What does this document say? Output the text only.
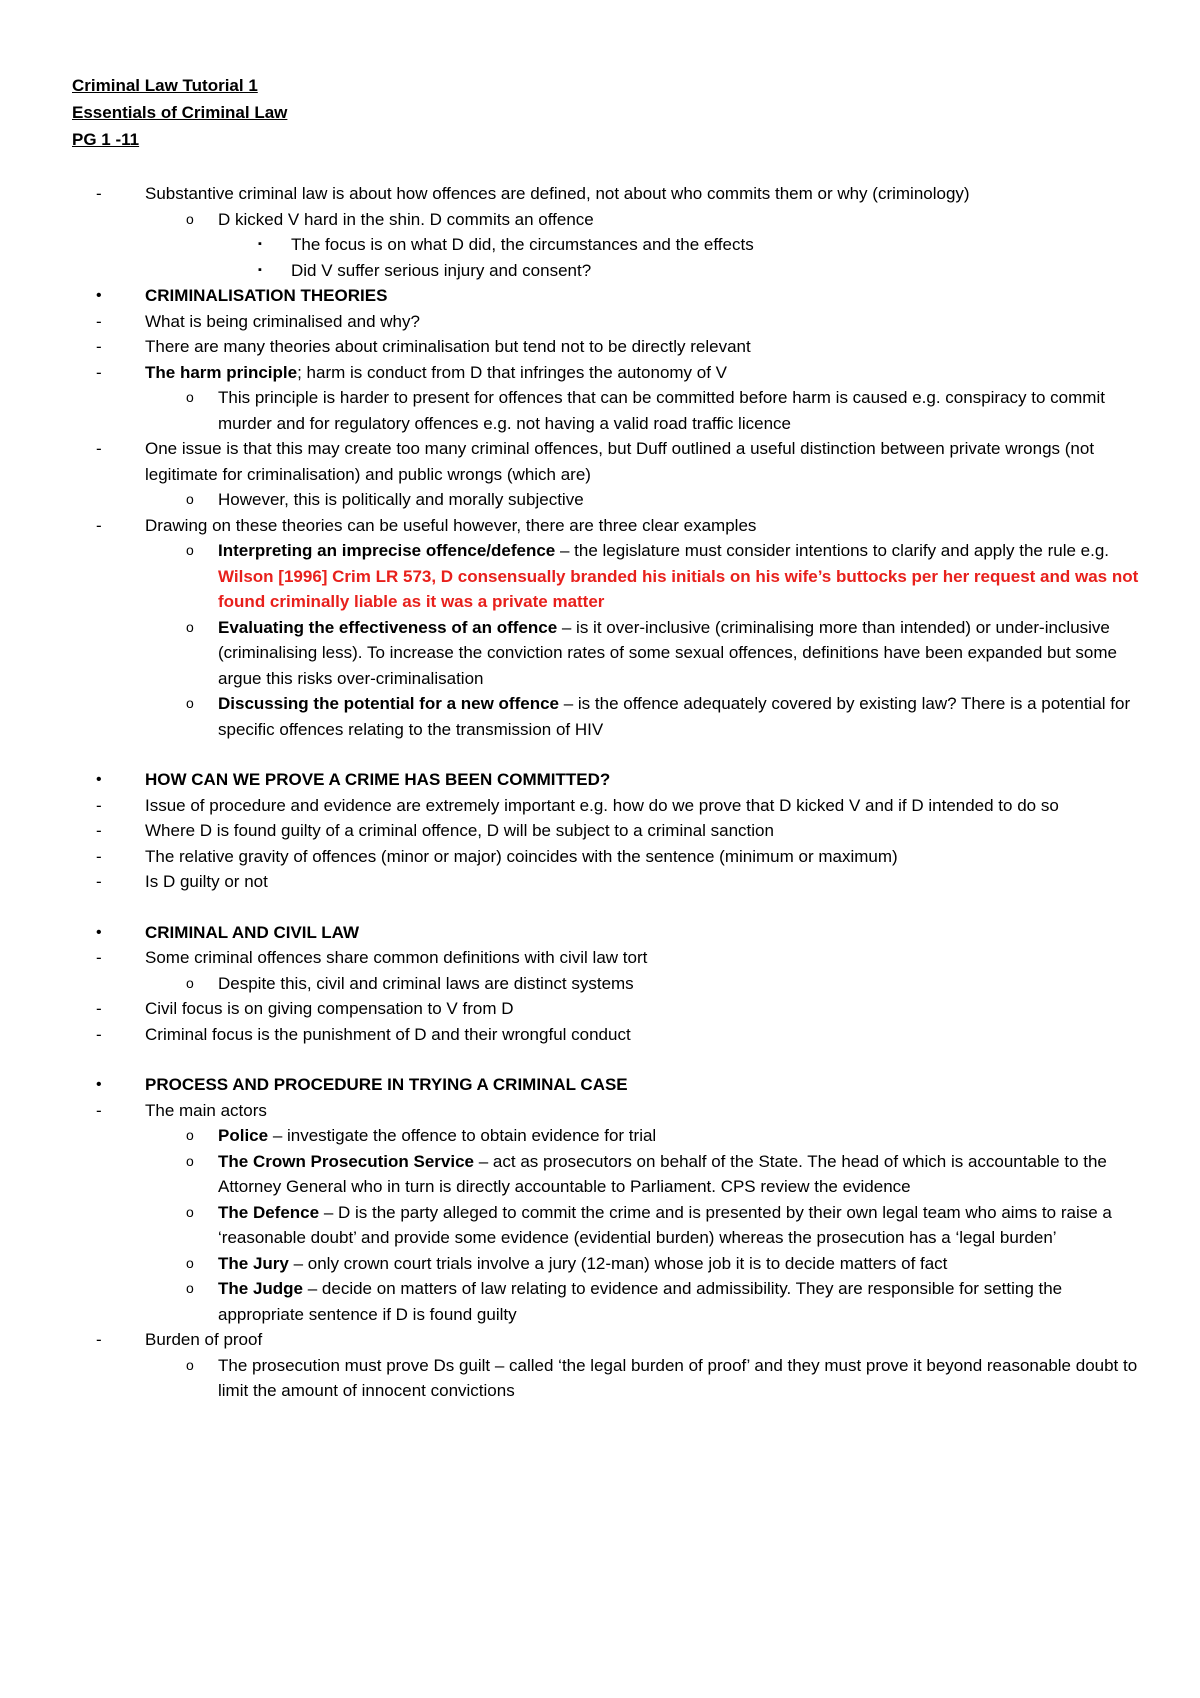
Criminal Law Tutorial 1
Essentials of Criminal Law
PG 1 -11
-	Substantive criminal law is about how offences are defined, not about who commits them or why (criminology)
o D kicked V hard in the shin. D commits an offence
▪ The focus is on what D did, the circumstances and the effects
▪ Did V suffer serious injury and consent?
•	CRIMINALISATION THEORIES
-	What is being criminalised and why?
-	There are many theories about criminalisation but tend not to be directly relevant
-	The harm principle; harm is conduct from D that infringes the autonomy of V
o This principle is harder to present for offences that can be committed before harm is caused e.g. conspiracy to commit murder and for regulatory offences e.g. not having a valid road traffic licence
-	One issue is that this may create too many criminal offences, but Duff outlined a useful distinction between private wrongs (not legitimate for criminalisation) and public wrongs (which are)
o However, this is politically and morally subjective
-	Drawing on these theories can be useful however, there are three clear examples
o Interpreting an imprecise offence/defence – the legislature must consider intentions to clarify and apply the rule e.g. Wilson [1996] Crim LR 573, D consensually branded his initials on his wife’s buttocks per her request and was not found criminally liable as it was a private matter
o Evaluating the effectiveness of an offence – is it over-inclusive (criminalising more than intended) or under-inclusive (criminalising less). To increase the conviction rates of some sexual offences, definitions have been expanded but some argue this risks over-criminalisation
o Discussing the potential for a new offence – is the offence adequately covered by existing law? There is a potential for specific offences relating to the transmission of HIV
•	HOW CAN WE PROVE A CRIME HAS BEEN COMMITTED?
-	Issue of procedure and evidence are extremely important e.g. how do we prove that D kicked V and if D intended to do so
-	Where D is found guilty of a criminal offence, D will be subject to a criminal sanction
-	The relative gravity of offences (minor or major) coincides with the sentence (minimum or maximum)
-	Is D guilty or not
•	CRIMINAL AND CIVIL LAW
-	Some criminal offences share common definitions with civil law tort
o Despite this, civil and criminal laws are distinct systems
-	Civil focus is on giving compensation to V from D
-	Criminal focus is the punishment of D and their wrongful conduct
•	PROCESS AND PROCEDURE IN TRYING A CRIMINAL CASE
-	The main actors
o Police – investigate the offence to obtain evidence for trial
o The Crown Prosecution Service – act as prosecutors on behalf of the State. The head of which is accountable to the Attorney General who in turn is directly accountable to Parliament. CPS review the evidence
o The Defence – D is the party alleged to commit the crime and is presented by their own legal team who aims to raise a ‘reasonable doubt’ and provide some evidence (evidential burden) whereas the prosecution has a ‘legal burden’
o The Jury – only crown court trials involve a jury (12-man) whose job it is to decide matters of fact
o The Judge – decide on matters of law relating to evidence and admissibility. They are responsible for setting the appropriate sentence if D is found guilty
-	Burden of proof
o The prosecution must prove Ds guilt – called ‘the legal burden of proof’ and they must prove it beyond reasonable doubt to limit the amount of innocent convictions
